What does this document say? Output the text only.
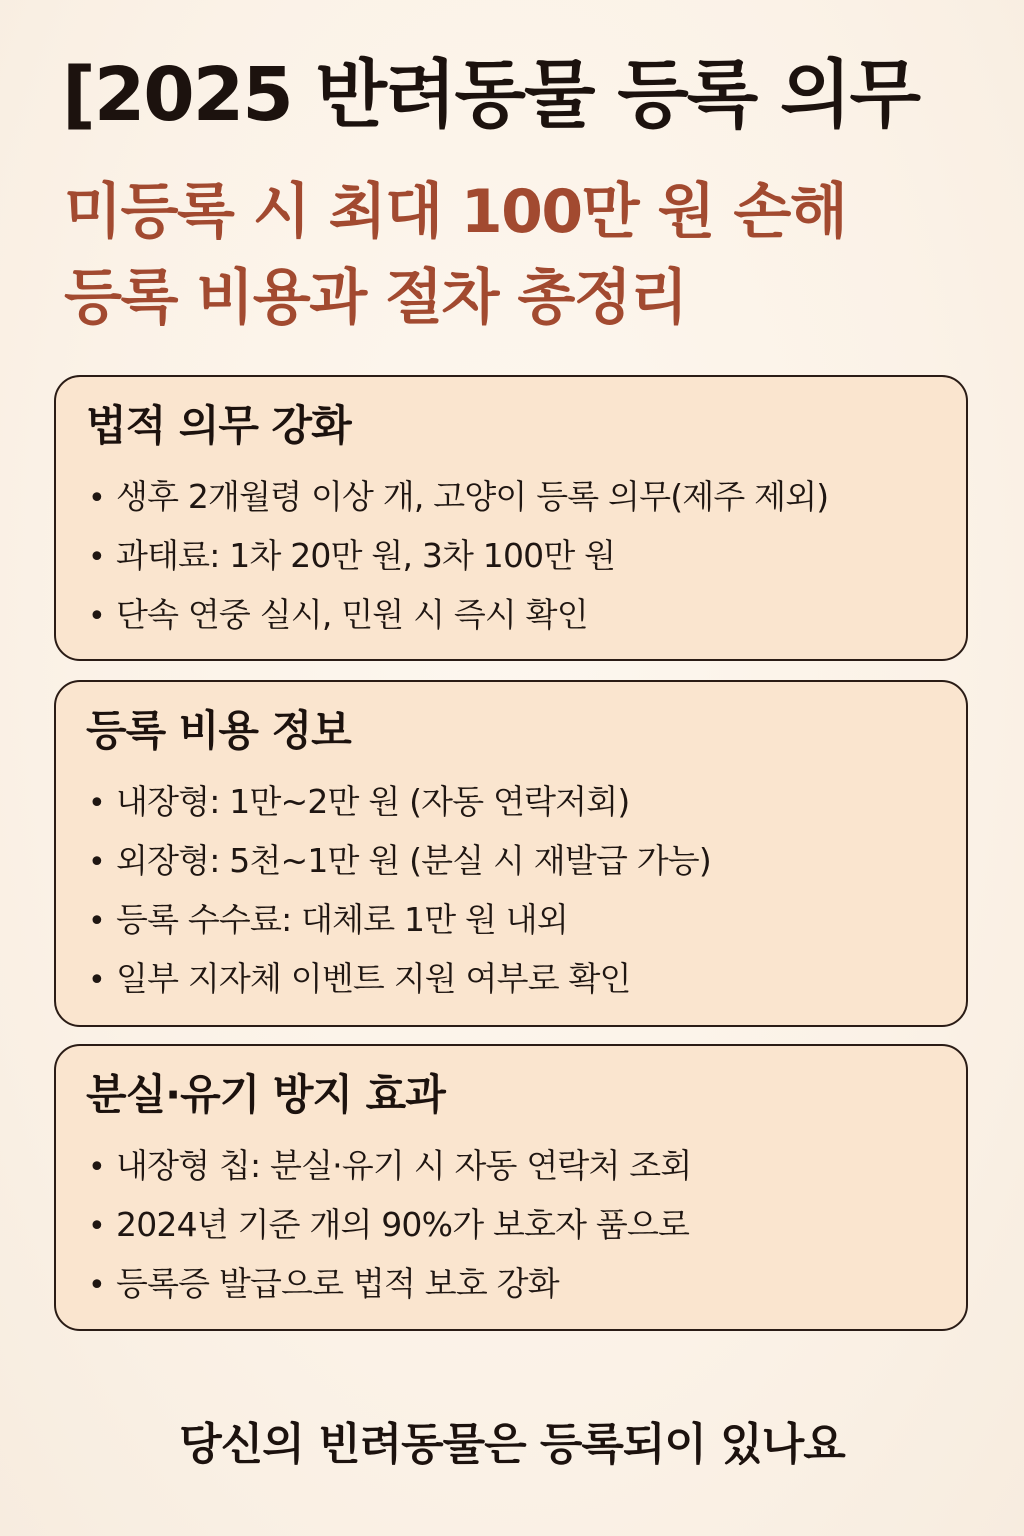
[2025 반려동물 등록 의무
미등록 시 최대 100만 원 손해
등록 비용과 절차 총정리
법적 의무 강화
• 생후 2개월령 이상 개, 고양이 등록 의무(제주 제외)
• 과태료: 1차 20만 원, 3차 100만 원
• 단속 연중 실시, 민원 시 즉시 확인
등록 비용 정보
• 내장형: 1만~2만 원 (자동 연락저회)
• 외장형: 5천~1만 원 (분실 시 재발급 가능)
• 등록 수수료: 대체로 1만 원 내외
• 일부 지자체 이벤트 지원 여부로 확인
분실·유기 방지 효과
• 내장형 칩: 분실·유기 시 자동 연락처 조회
• 2024년 기준 개의 90%가 보호자 품으로
• 등록증 발급으로 법적 보호 강화
당신의 빈려동물은 등록되이 있나요
